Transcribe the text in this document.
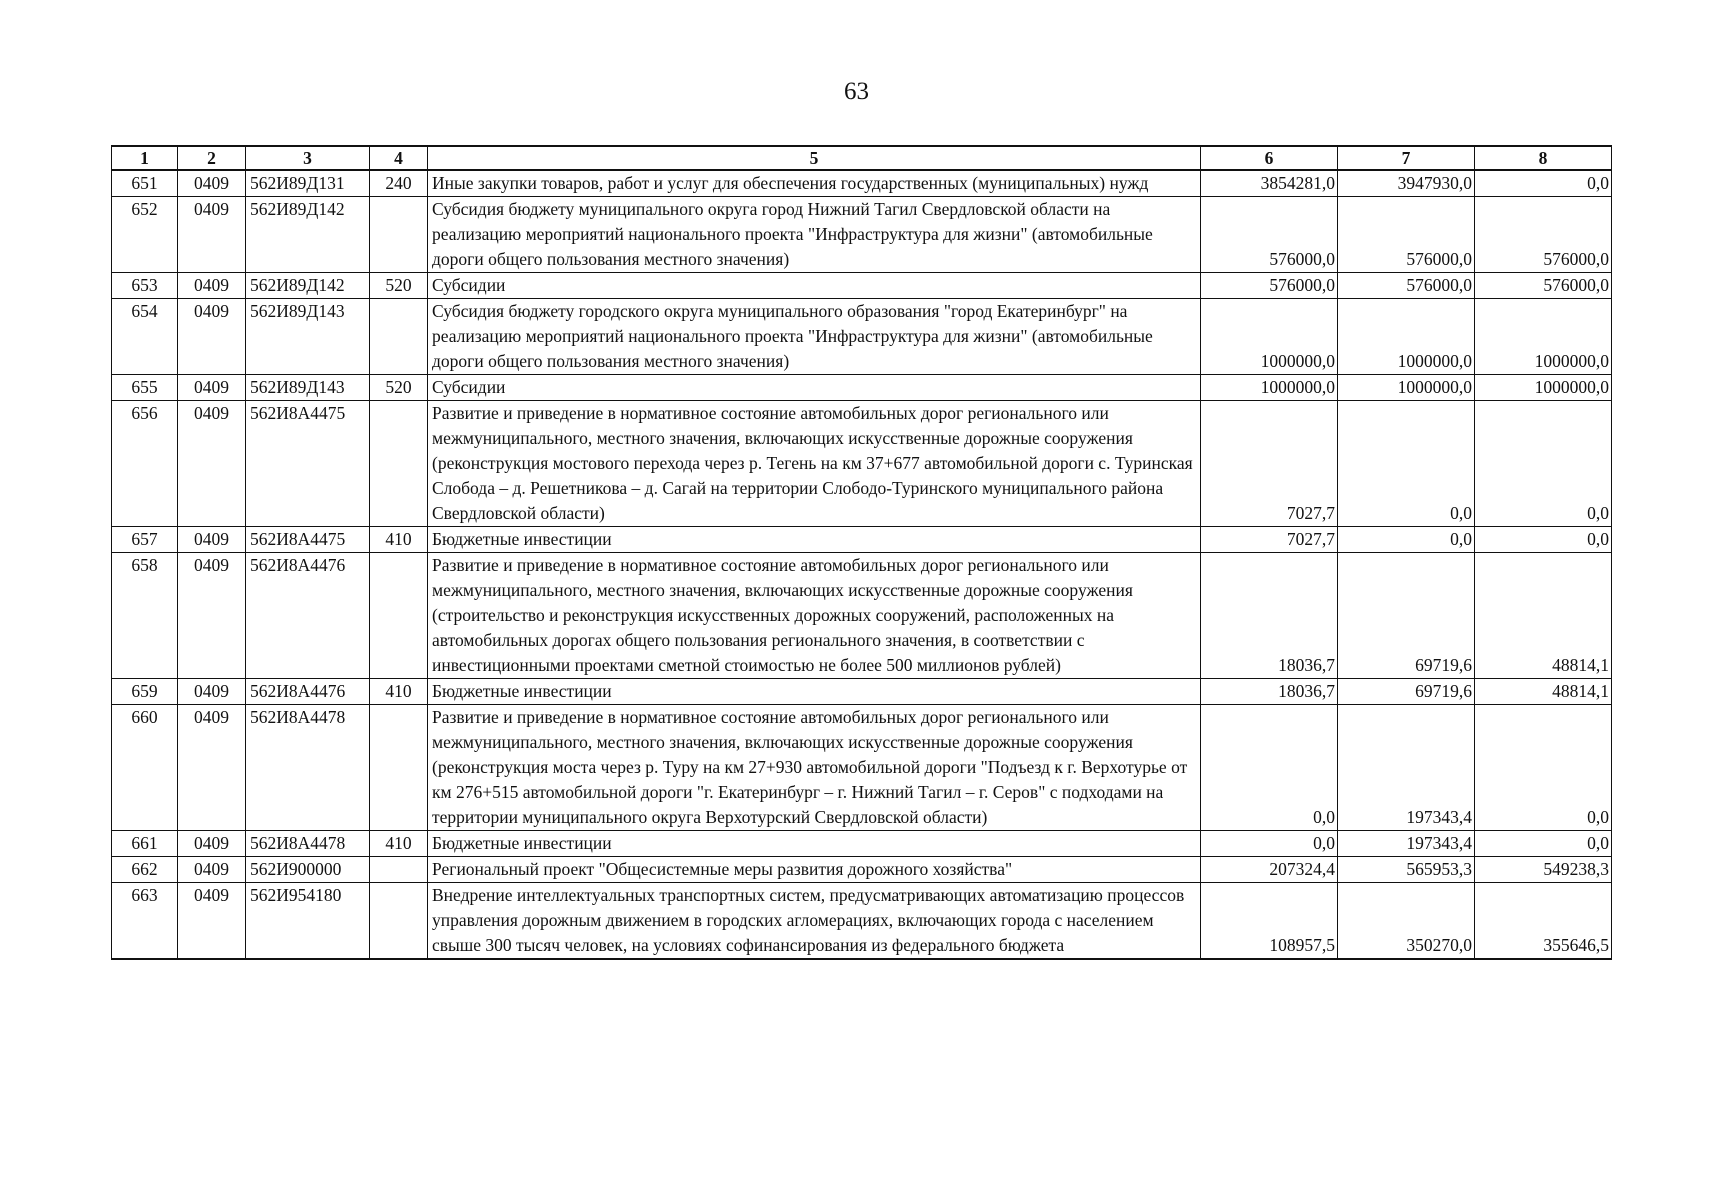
63
1	2	3	4	5	6	7	8
651	0409	562И89Д131	240	Иные закупки товаров, работ и услуг для обеспечения государственных (муниципальных) нужд	3854281,0	3947930,0	0,0
652	0409	562И89Д142		Субсидия бюджету муниципального округа город Нижний Тагил Свердловской области на реализацию мероприятий национального проекта "Инфраструктура для жизни" (автомобильные дороги общего пользования местного значения)	576000,0	576000,0	576000,0
653	0409	562И89Д142	520	Субсидии	576000,0	576000,0	576000,0
654	0409	562И89Д143		Субсидия бюджету городского округа муниципального образования "город Екатеринбург" на реализацию мероприятий национального проекта "Инфраструктура для жизни" (автомобильные дороги общего пользования местного значения)	1000000,0	1000000,0	1000000,0
655	0409	562И89Д143	520	Субсидии	1000000,0	1000000,0	1000000,0
656	0409	562И8А4475		Развитие и приведение в нормативное состояние автомобильных дорог регионального или межмуниципального, местного значения, включающих искусственные дорожные сооружения (реконструкция мостового перехода через р. Тегень на км 37+677 автомобильной дороги с. Туринская Слобода – д. Решетникова – д. Сагай на территории Слободо-Туринского муниципального района Свердловской области)	7027,7	0,0	0,0
657	0409	562И8А4475	410	Бюджетные инвестиции	7027,7	0,0	0,0
658	0409	562И8А4476		Развитие и приведение в нормативное состояние автомобильных дорог регионального или межмуниципального, местного значения, включающих искусственные дорожные сооружения (строительство и реконструкция искусственных дорожных сооружений, расположенных на автомобильных дорогах общего пользования регионального значения, в соответствии с инвестиционными проектами сметной стоимостью не более 500 миллионов рублей)	18036,7	69719,6	48814,1
659	0409	562И8А4476	410	Бюджетные инвестиции	18036,7	69719,6	48814,1
660	0409	562И8А4478		Развитие и приведение в нормативное состояние автомобильных дорог регионального или межмуниципального, местного значения, включающих искусственные дорожные сооружения (реконструкция моста через р. Туру на км 27+930 автомобильной дороги "Подъезд к г. Верхотурье от км 276+515 автомобильной дороги "г. Екатеринбург – г. Нижний Тагил – г. Серов" с подходами на территории муниципального округа Верхотурский Свердловской области)	0,0	197343,4	0,0
661	0409	562И8А4478	410	Бюджетные инвестиции	0,0	197343,4	0,0
662	0409	562И900000		Региональный проект "Общесистемные меры развития дорожного хозяйства"	207324,4	565953,3	549238,3
663	0409	562И954180		Внедрение интеллектуальных транспортных систем, предусматривающих автоматизацию процессов управления дорожным движением в городских агломерациях, включающих города с населением свыше 300 тысяч человек, на условиях софинансирования из федерального бюджета	108957,5	350270,0	355646,5
